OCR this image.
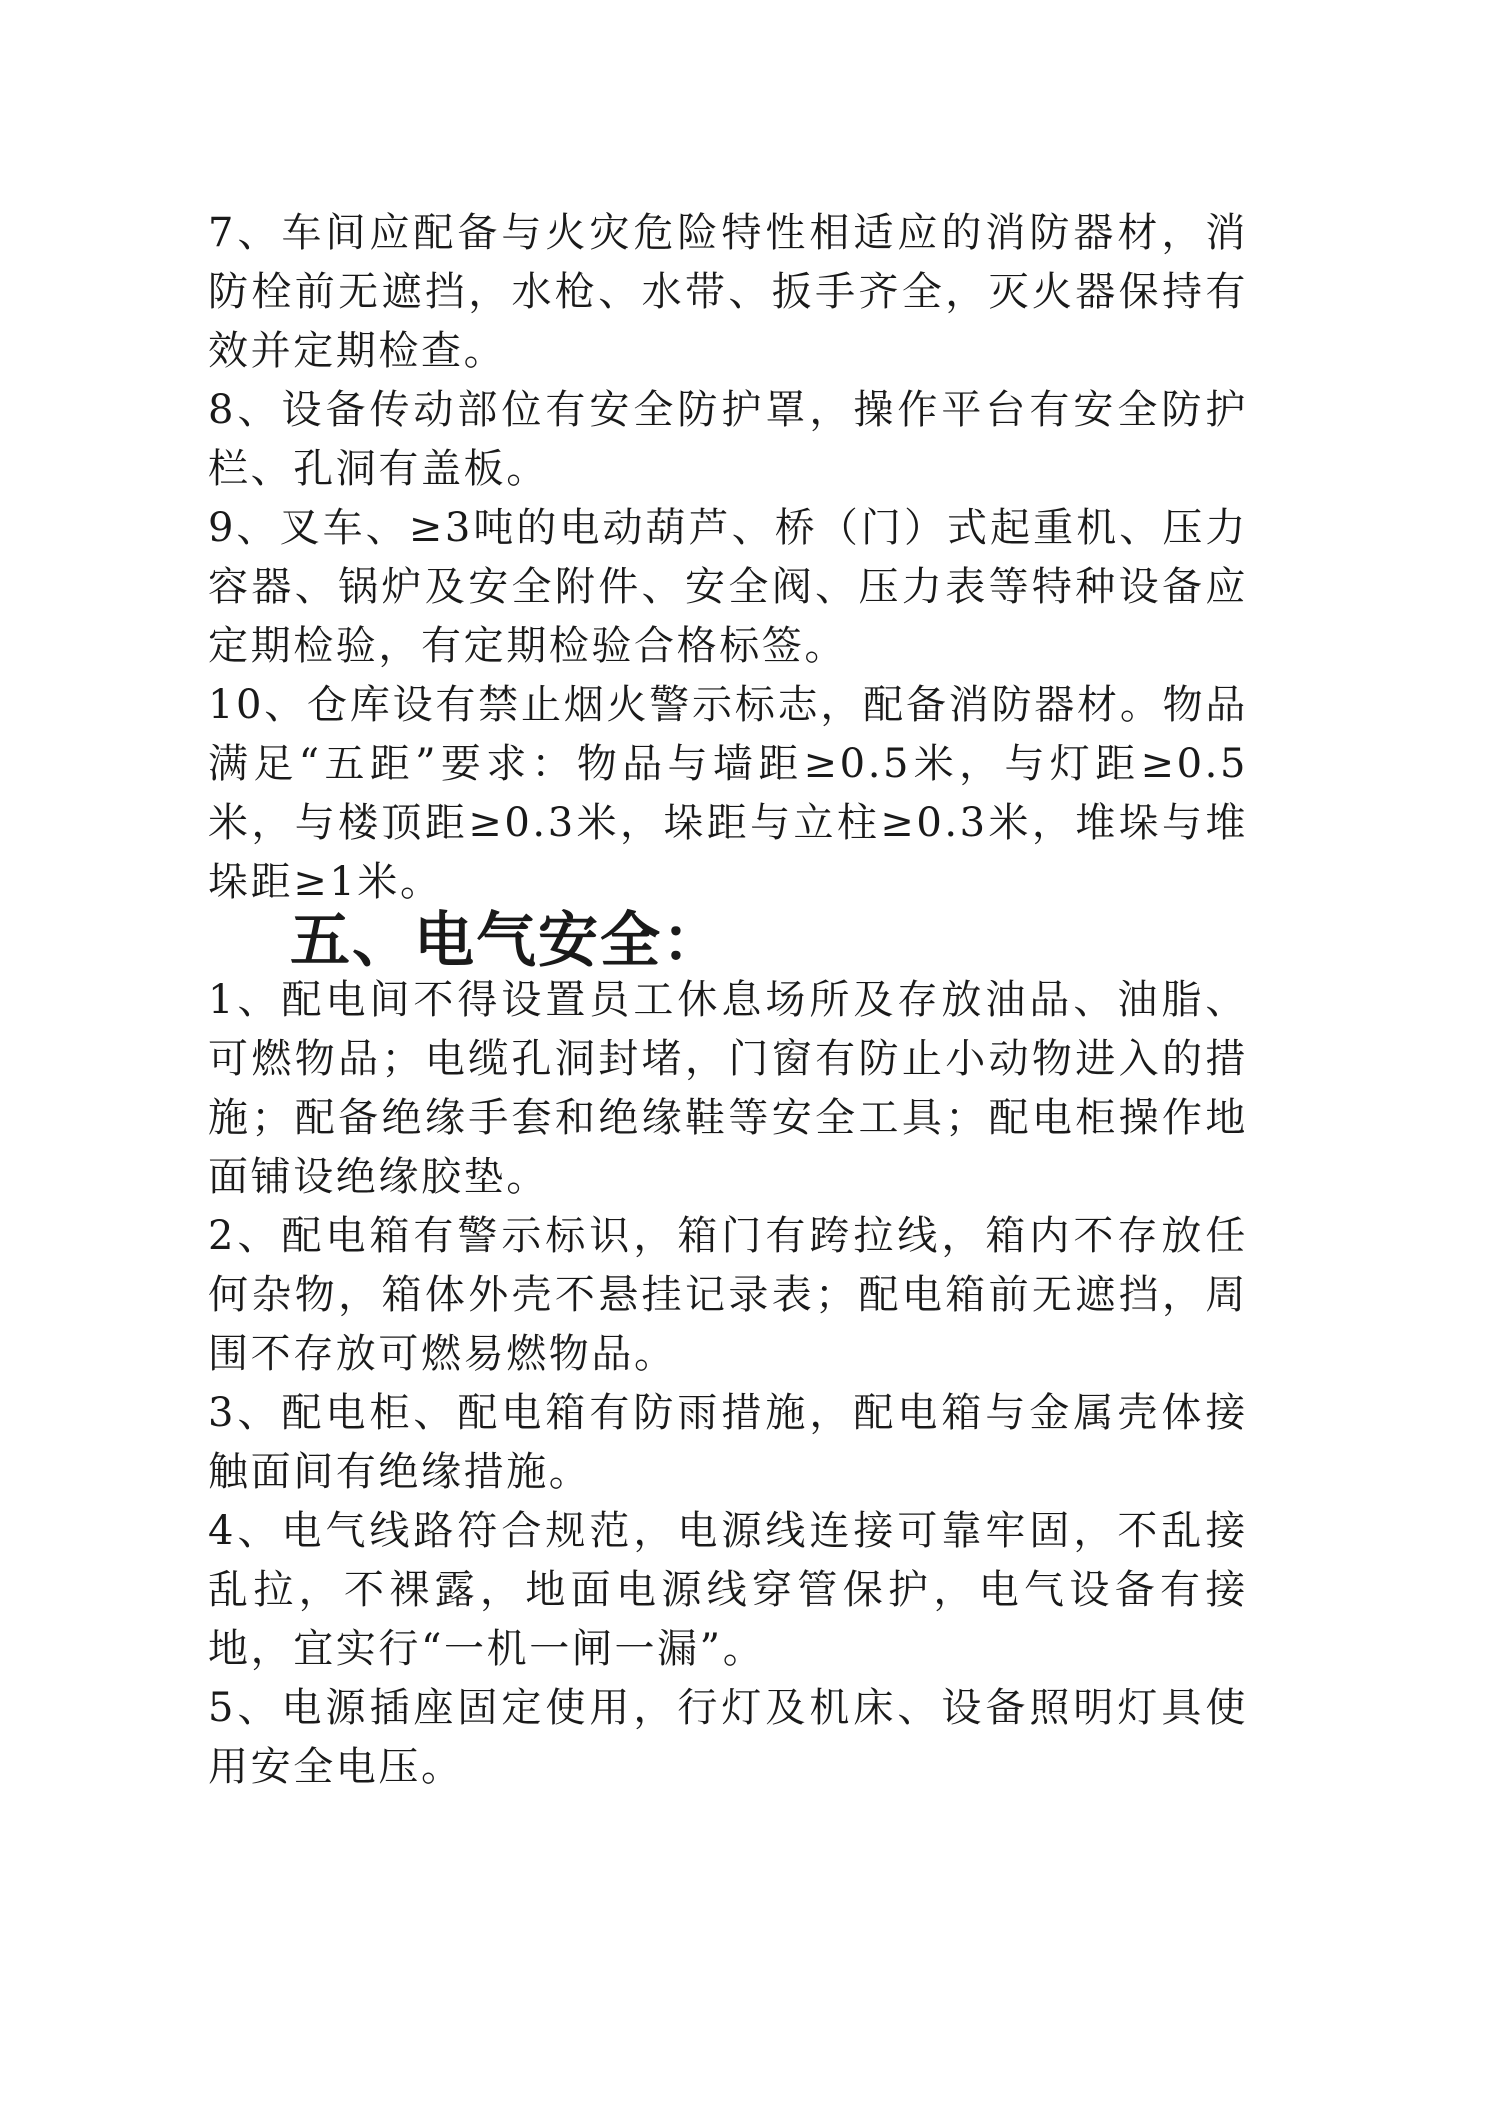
7、车间应配备与火灾危险特性相适应的消防器材，消防栓前无遮挡，水枪、水带、扳手齐全，灭火器保持有效并定期检查。

8、设备传动部位有安全防护罩，操作平台有安全防护栏、孔洞有盖板。

9、叉车、≥3吨的电动葫芦、桥（门）式起重机、压力容器、锅炉及安全附件、安全阀、压力表等特种设备应定期检验，有定期检验合格标签。

10、仓库设有禁止烟火警示标志，配备消防器材。物品满足“五距”要求：物品与墙距≥0.5米，与灯距≥0.5米，与楼顶距≥0.3米，垛距与立柱≥0.3米，堆垛与堆垛距≥1米。

五、电气安全：

1、配电间不得设置员工休息场所及存放油品、油脂、可燃物品；电缆孔洞封堵，门窗有防止小动物进入的措施；配备绝缘手套和绝缘鞋等安全工具；配电柜操作地面铺设绝缘胶垫。

2、配电箱有警示标识，箱门有跨拉线，箱内不存放任何杂物，箱体外壳不悬挂记录表；配电箱前无遮挡，周围不存放可燃易燃物品。

3、配电柜、配电箱有防雨措施，配电箱与金属壳体接触面间有绝缘措施。

4、电气线路符合规范，电源线连接可靠牢固，不乱接乱拉，不裸露，地面电源线穿管保护，电气设备有接地，宜实行“一机一闸一漏”。

5、电源插座固定使用，行灯及机床、设备照明灯具使用安全电压。
